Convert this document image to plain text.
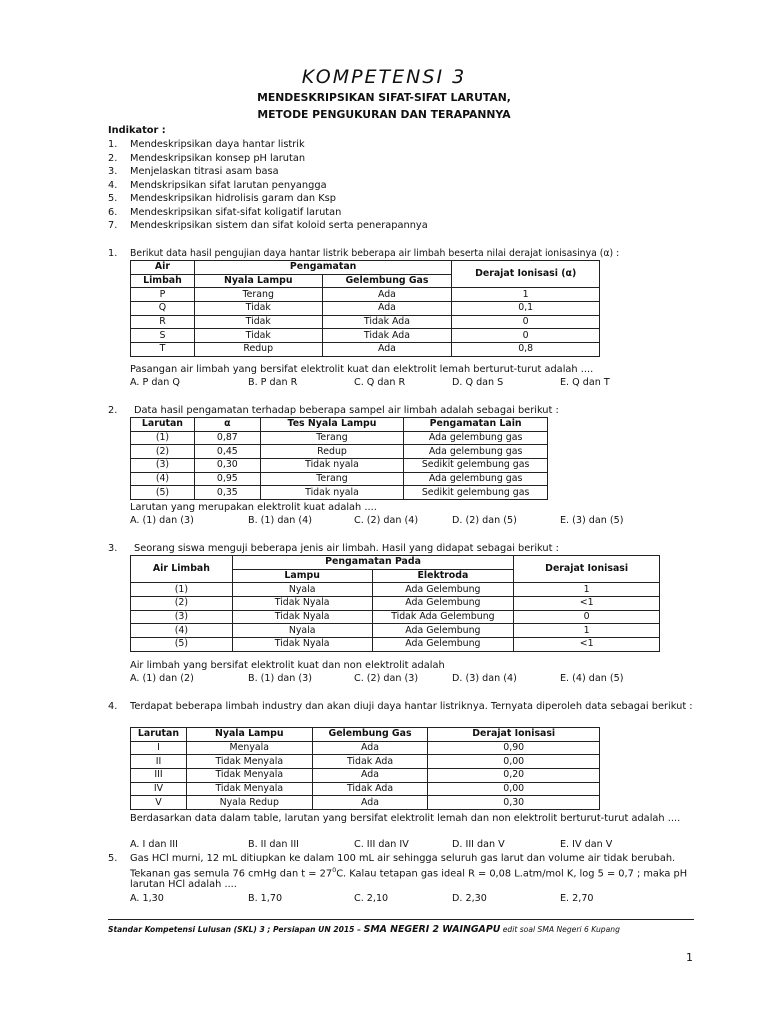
KOMPETENSI 3
MENDESKRIPSIKAN SIFAT-SIFAT LARUTAN,
METODE PENGUKURAN DAN TERAPANNYA
Indikator :
1. Mendeskripsikan daya hantar listrik
2. Mendeskripsikan konsep pH larutan
3. Menjelaskan titrasi asam basa
4. Mendskripsikan sifat larutan penyangga
5. Mendeskripsikan hidrolisis garam dan Ksp
6. Mendeskripsikan sifat-sifat koligatif larutan
7. Mendeskripsikan sistem dan sifat koloid serta penerapannya
1. Berikut data hasil pengujian daya hantar listrik beberapa air limbah beserta nilai derajat ionisasinya (α) :
Air	Pengamatan		Derajat Ionisasi (α)
Limbah	Nyala Lampu	Gelembung Gas	
P	Terang	Ada	1
Q	Tidak	Ada	0,1
R	Tidak	Tidak Ada	0
S	Tidak	Tidak Ada	0
T	Redup	Ada	0,8
Pasangan air limbah yang bersifat elektrolit kuat dan elektrolit lemah berturut-turut adalah ....
A. P dan Q	B. P dan R	C. Q dan R	D. Q dan S	E. Q dan T
2. Data hasil pengamatan terhadap beberapa sampel air limbah adalah sebagai berikut :
Larutan	α	Tes Nyala Lampu	Pengamatan Lain
(1)	0,87	Terang	Ada gelembung gas
(2)	0,45	Redup	Ada gelembung gas
(3)	0,30	Tidak nyala	Sedikit gelembung gas
(4)	0,95	Terang	Ada gelembung gas
(5)	0,35	Tidak nyala	Sedikit gelembung gas
Larutan yang merupakan elektrolit kuat adalah ....
A. (1) dan (3)	B. (1) dan (4)	C. (2) dan (4)	D. (2) dan (5)	E. (3) dan (5)
3. Seorang siswa menguji beberapa jenis air limbah. Hasil yang didapat sebagai berikut :
Air Limbah	Pengamatan Pada		Derajat Ionisasi
	Lampu	Elektroda	
(1)	Nyala	Ada Gelembung	1
(2)	Tidak Nyala	Ada Gelembung	<1
(3)	Tidak Nyala	Tidak Ada Gelembung	0
(4)	Nyala	Ada Gelembung	1
(5)	Tidak Nyala	Ada Gelembung	<1
Air limbah yang bersifat elektrolit kuat dan non elektrolit adalah
A. (1) dan (2)	B. (1) dan (3)	C. (2) dan (3)	D. (3) dan (4)	E. (4) dan (5)
4. Terdapat beberapa limbah industry dan akan diuji daya hantar listriknya. Ternyata diperoleh data sebagai berikut :
Larutan	Nyala Lampu	Gelembung Gas	Derajat Ionisasi
I	Menyala	Ada	0,90
II	Tidak Menyala	Tidak Ada	0,00
III	Tidak Menyala	Ada	0,20
IV	Tidak Menyala	Tidak Ada	0,00
V	Nyala Redup	Ada	0,30
Berdasarkan data dalam table, larutan yang bersifat elektrolit lemah dan non elektrolit berturut-turut adalah ....
A. I dan III	B. II dan III	C. III dan IV	D. III dan V	E. IV dan V
5. Gas HCl murni, 12 mL ditiupkan ke dalam 100 mL air sehingga seluruh gas larut dan volume air tidak berubah.
Tekanan gas semula 76 cmHg dan $t = 27^0C$. Kalau tetapan gas ideal R = 0,08 L.atm/mol K, log 5 = 0,7 ; maka pH
larutan HCl adalah ....
A. 1,30	B. 1,70	C. 2,10	D. 2,30	E. 2,70
Standar Kompetensi Lulusan (SKL) 3 ; Persiapan UN 2015 – SMA NEGERI 2 WAINGAPU edit soal SMA Negeri 6 Kupang
1
